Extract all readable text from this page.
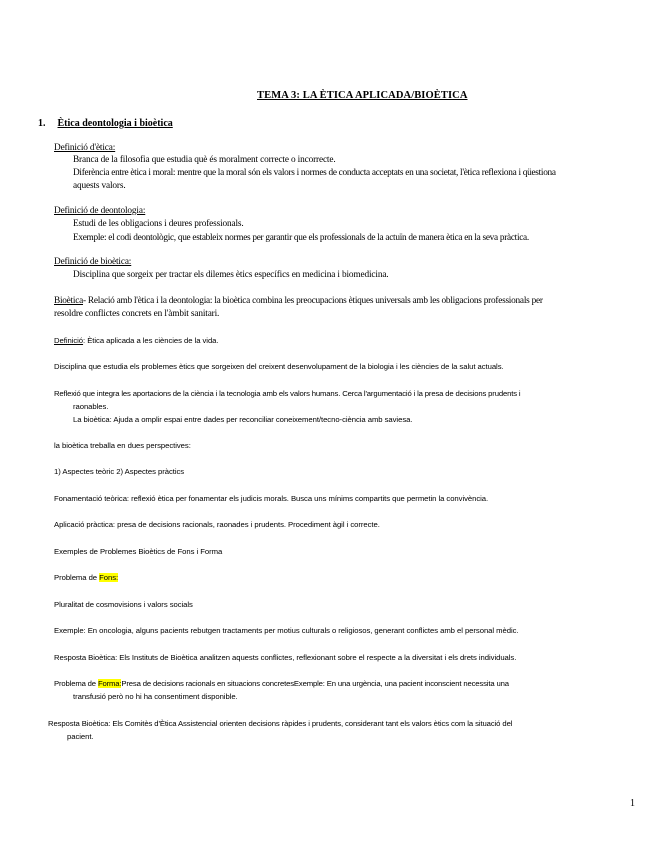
TEMA 3: LA ÈTICA APLICADA/BIOÈTICA
1. Ètica deontologia i bioètica
Definició d'ètica:
Branca de la filosofia que estudia què és moralment correcte o incorrecte.
Diferència entre ètica i moral: mentre que la moral són els valors i normes de conducta acceptats en una societat, l'ètica reflexiona i qüestiona
aquests valors.
Definició de deontologia:
Estudi de les obligacions i deures professionals.
Exemple: el codi deontològic, que estableix normes per garantir que els professionals de la actuïn de manera ètica en la seva pràctica.
Definició de bioètica:
Disciplina que sorgeix per tractar els dilemes ètics específics en medicina i biomedicina.
Bioètica- Relació amb l'ètica i la deontologia: la bioètica combina les preocupacions ètiques universals amb les obligacions professionals per
resoldre conflictes concrets en l'àmbit sanitari.
Definició: Ètica aplicada a les ciències de la vida.
Disciplina que estudia els problemes ètics que sorgeixen del creixent desenvolupament de la biologia i les ciències de la salut actuals.
Reflexió que integra les aportacions de la ciència i la tecnologia amb els valors humans. Cerca l'argumentació i la presa de decisions prudents i
raonables.
La bioètica: Ajuda a omplir espai entre dades per reconciliar coneixement/tecno-ciència amb saviesa.
la bioètica treballa en dues perspectives:
1) Aspectes teòric 2) Aspectes pràctics
Fonamentació teòrica: reflexió ètica per fonamentar els judicis morals. Busca uns mínims compartits que permetin la convivència.
Aplicació pràctica: presa de decisions racionals, raonades i prudents. Procediment àgil i correcte.
Exemples de Problemes Bioètics de Fons i Forma
Problema de Fons:
Pluralitat de cosmovisions i valors socials
Exemple: En oncologia, alguns pacients rebutgen tractaments per motius culturals o religiosos, generant conflictes amb el personal mèdic.
Resposta Bioètica: Els Instituts de Bioètica analitzen aquests conflictes, reflexionant sobre el respecte a la diversitat i els drets individuals.
Problema de Forma:Presa de decisions racionals en situacions concretesExemple: En una urgència, una pacient inconscient necessita una
transfusió però no hi ha consentiment disponible.
Resposta Bioètica: Els Comitès d'Ètica Assistencial orienten decisions ràpides i prudents, considerant tant els valors ètics com la situació del
pacient.
1
